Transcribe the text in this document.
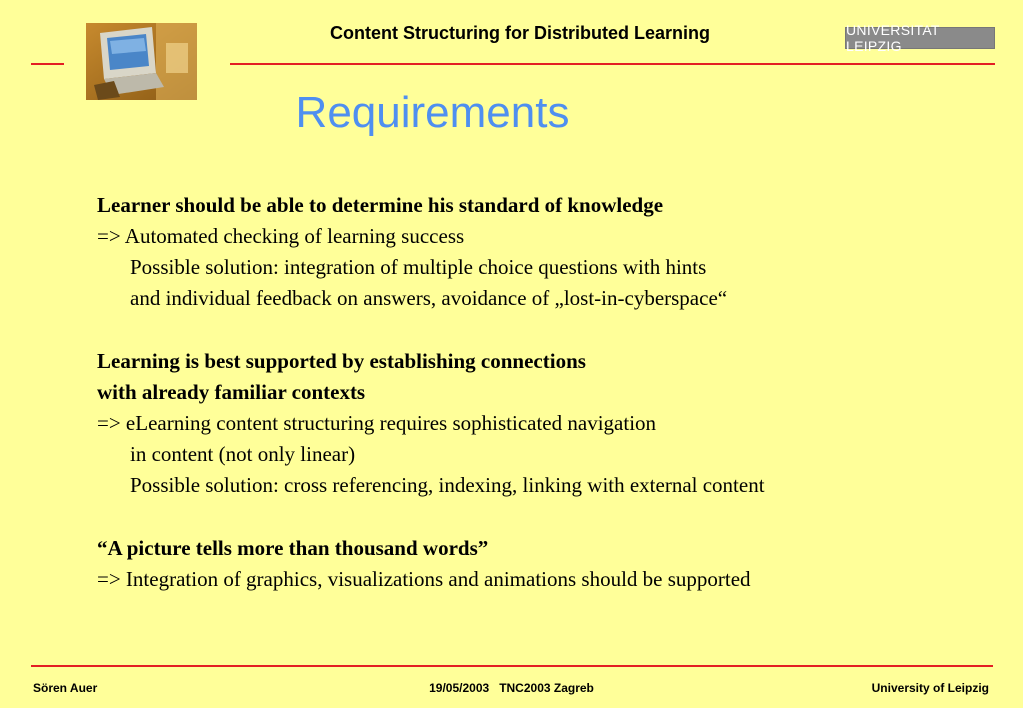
Content Structuring for Distributed Learning	UNIVERSITAT LEIPZIG
Requirements

Learner should be able to determine his standard of knowledge

=> Automated checking of learning success

Possible solution: integration of multiple choice questions with hints

and individual feedback on answers, avoidance of „lost-in-cyberspace“

Learning is best supported by establishing connections

with already familiar contexts

=> eLearning content structuring requires sophisticated navigation

in content (not only linear)

Possible solution: cross referencing, indexing, linking with external content

“A picture tells more than thousand words”

=> Integration of graphics, visualizations and animations should be supported

Sören Auer	19/05/2003 TNC2003 Zagreb	University of Leipzig
